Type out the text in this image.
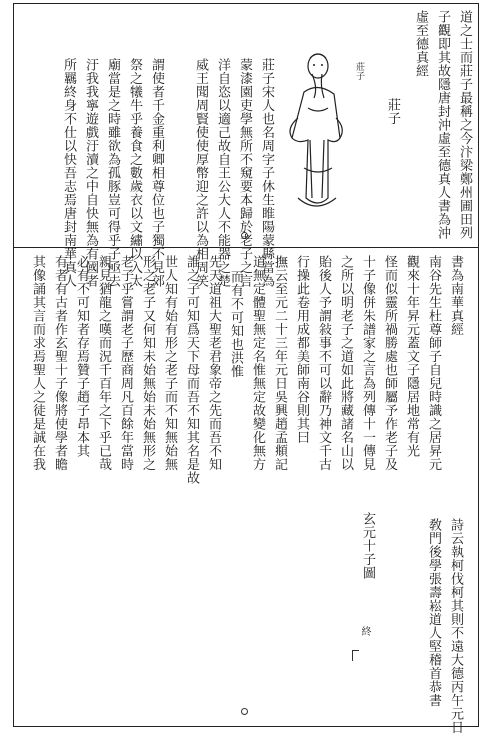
道之士而莊子最稱之今汴梁鄭州圃田列
子觀即其故隱唐封沖虛至德真人書為沖
虛至德真經
莊子
莊子
莊子宋人也名周字子休生睢陽蒙縣當為
蒙漆園吏學無所不窺要本歸於老子之言
洋自恣以適己故自王公大人不能器之楚
威王聞周賢使使厚幣迎之許以為相周笑
謂使者千金重利卿相尊位也子獨不見郊
祭之犧牛乎養食之數歲衣以文繡以入太
廟當是之時雖欲為孤豚豈可得乎子亟去
汙我我寧遊戲汙瀆之中自快無為有國者
所羈終身不仕以快吾志焉唐封南華真人
書為南華真經
南谷先生杜尊師子自兒時識之居昇元
觀來十年昇元蓋文子隱居地常有光
怪而似靈所禍勝處也師屬予作老子及
十子像併朱譜家之言為列傳十一傳見
之所以明老子之道如此將藏諸名山以
貽後人予謂敍事不可以辭乃神文千古
行操此卷用成都美師南谷則其曰
撫云至元二十三年元日吳興趙孟頫記
道無定體聖無定名惟無定故變化無方
而有不可知也洪惟
先天道祖大聖老君象帝之先而吾不知
誰之子可知爲天下母而吾不知其名是故
世人知有始有形之老子而不知無始無
形之老子又何知未始無始未始無形之
老子乎嘗謂老子歷商周凡百餘年當時
親見猶龍之嘆而況千百年之下乎已哉
必有不可知者存焉贊子趙子昂本其
有者有古者作玄聖十子像將使學者瞻
其像誦其言而求焉聖人之徒是誠在我
玄元十子圖
終	詩云執柯伐柯其則不遠大德丙午元日
敎門後學張壽崧道人堅稽首恭書
